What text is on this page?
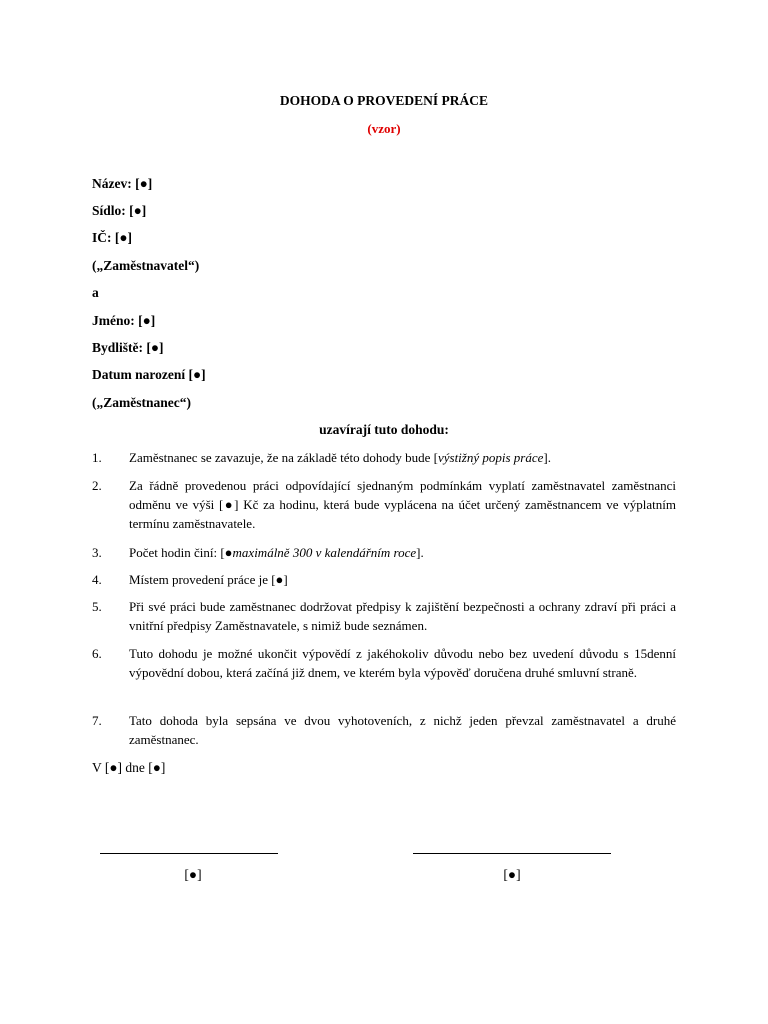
DOHODA O PROVEDENÍ PRÁCE
(vzor)
Název: [●]
Sídlo: [●]
IČ: [●]
(„Zaměstnavatel“)
a
Jméno: [●]
Bydliště: [●]
Datum narození [●]
(„Zaměstnanec“)
uzavírají tuto dohodu:
1.	Zaměstnanec se zavazuje, že na základě této dohody bude [výstižný popis práce].
2.	Za řádně provedenou práci odpovídající sjednaným podmínkám vyplatí zaměstnavatel zaměstnanci odměnu ve výši [●] Kč za hodinu, která bude vyplácena na účet určený zaměstnancem ve výplatním termínu zaměstnavatele.
3.	Počet hodin činí: [●maximálně 300 v kalendářním roce].
4.	Místem provedení práce je [●]
5.	Při své práci bude zaměstnanec dodržovat předpisy k zajištění bezpečnosti a ochrany zdraví při práci a vnitřní předpisy Zaměstnavatele, s nimiž bude seznámen.
6.	Tuto dohodu je možné ukončit výpovědí z jakéhokoliv důvodu nebo bez uvedení důvodu s 15denní výpovědní dobou, která začíná již dnem, ve kterém byla výpověď doručena druhé smluvní straně.
7.	Tato dohoda byla sepsána ve dvou vyhotoveních, z nichž jeden převzal zaměstnavatel a druhé zaměstnanec.
V [●] dne [●]
[●]	[●]
